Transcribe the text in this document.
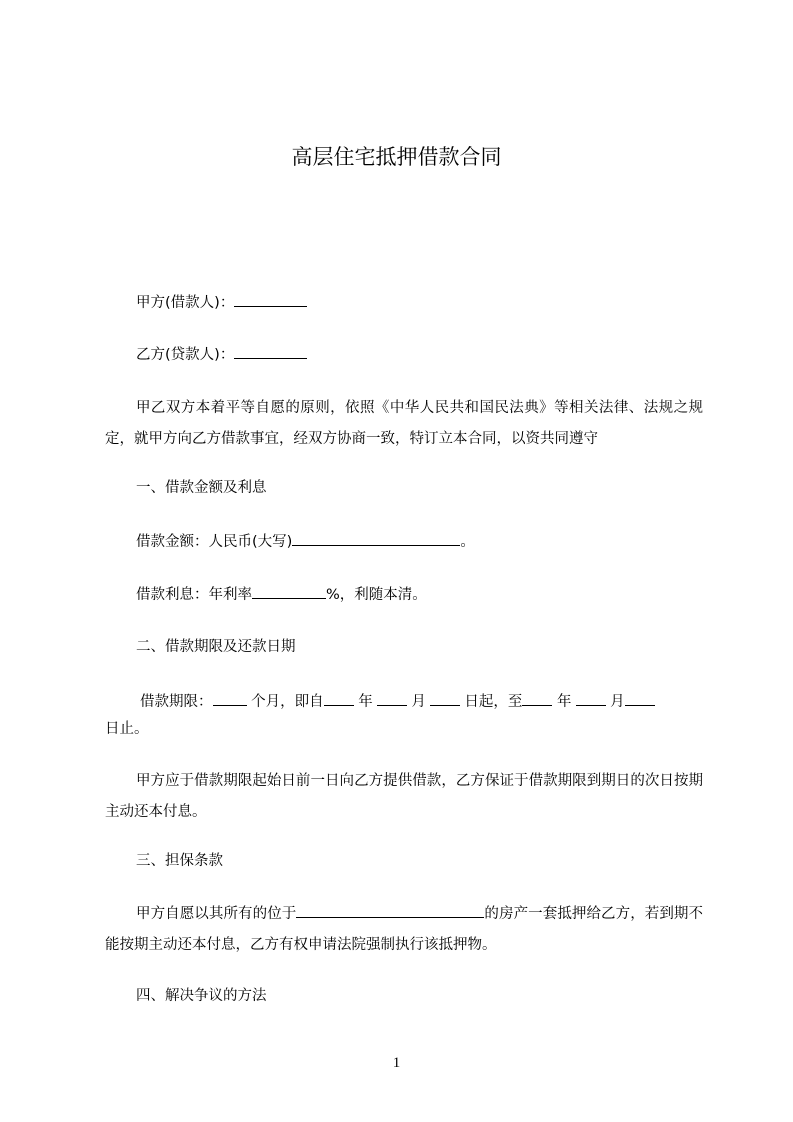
高层住宅抵押借款合同
甲方(借款人)：
乙方(贷款人)：
甲乙双方本着平等自愿的原则，依照《中华人民共和国民法典》等相关法律、法规之规定，就甲方向乙方借款事宜，经双方协商一致，特订立本合同，以资共同遵守
一、借款金额及利息
借款金额：人民币(大写)	。
借款利息：年利率	%，利随本清。
二、借款期限及还款日期
借款期限： 个月，即自 年 月 日起，至 年 月
日止。
甲方应于借款期限起始日前一日向乙方提供借款，乙方保证于借款期限到期日的次日按期主动还本付息。
三、担保条款
甲方自愿以其所有的位于	的房产一套抵押给乙方，若到期不能按期主动还本付息，乙方有权申请法院强制执行该抵押物。
四、解决争议的方法
1
